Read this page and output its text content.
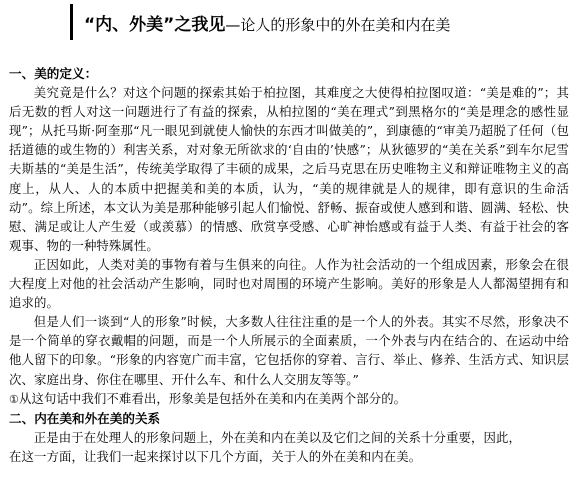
“内、外美”之我见—论人的形象中的外在美和内在美
一、美的定义：

美究竟是什么？对这个问题的探索其始于柏拉图，其难度之大使得柏拉图叹道：“美是难的”；其后无数的哲人对这一问题进行了有益的探索，从柏拉图的“美在理式”到黑格尔的“美是理念的感性显现”；从托马斯·阿奎那“凡一眼见到就使人愉快的东西才叫做美的”，到康德的“审美乃超脱了任何（包括道德的或生物的）利害关系，对对象无所欲求的‘自由的’快感”；从狄德罗的“美在关系”到车尔尼雪夫斯基的“美是生活”，传统美学取得了丰硕的成果，之后马克思在历史唯物主义和辩证唯物主义的高度上，从人、人的本质中把握美和美的本质，认为，“美的规律就是人的规律，即有意识的生命活动”。综上所述，本文认为美是那种能够引起人们愉悦、舒畅、振奋或使人感到和谐、圆满、轻松、快慰、满足或让人产生爱（或羡慕）的情感、欣赏享受感、心旷神怡感或有益于人类、有益于社会的客观事、物的一种特殊属性。

正因如此，人类对美的事物有着与生俱来的向往。人作为社会活动的一个组成因素，形象会在很大程度上对他的社会活动产生影响，同时也对周围的环境产生影响。美好的形象是人人都渴望拥有和追求的。

但是人们一谈到“人的形象”时候，大多数人往往注重的是一个人的外表。其实不尽然，形象决不是一个简单的穿衣戴帽的问题，而是一个人所展示的全面素质，一个外表与内在结合的、在运动中给他人留下的印象。“形象的内容宽广而丰富，它包括你的穿着、言行、举止、修养、生活方式、知识层次、家庭出身、你住在哪里、开什么车、和什么人交朋友等等。”

①从这句话中我们不难看出，形象美是包括外在美和内在美两个部分的。

二、内在美和外在美的关系

正是由于在处理人的形象问题上，外在美和内在美以及它们之间的关系十分重要，因此，

在这一方面，让我们一起来探讨以下几个方面，关于人的外在美和内在美。
